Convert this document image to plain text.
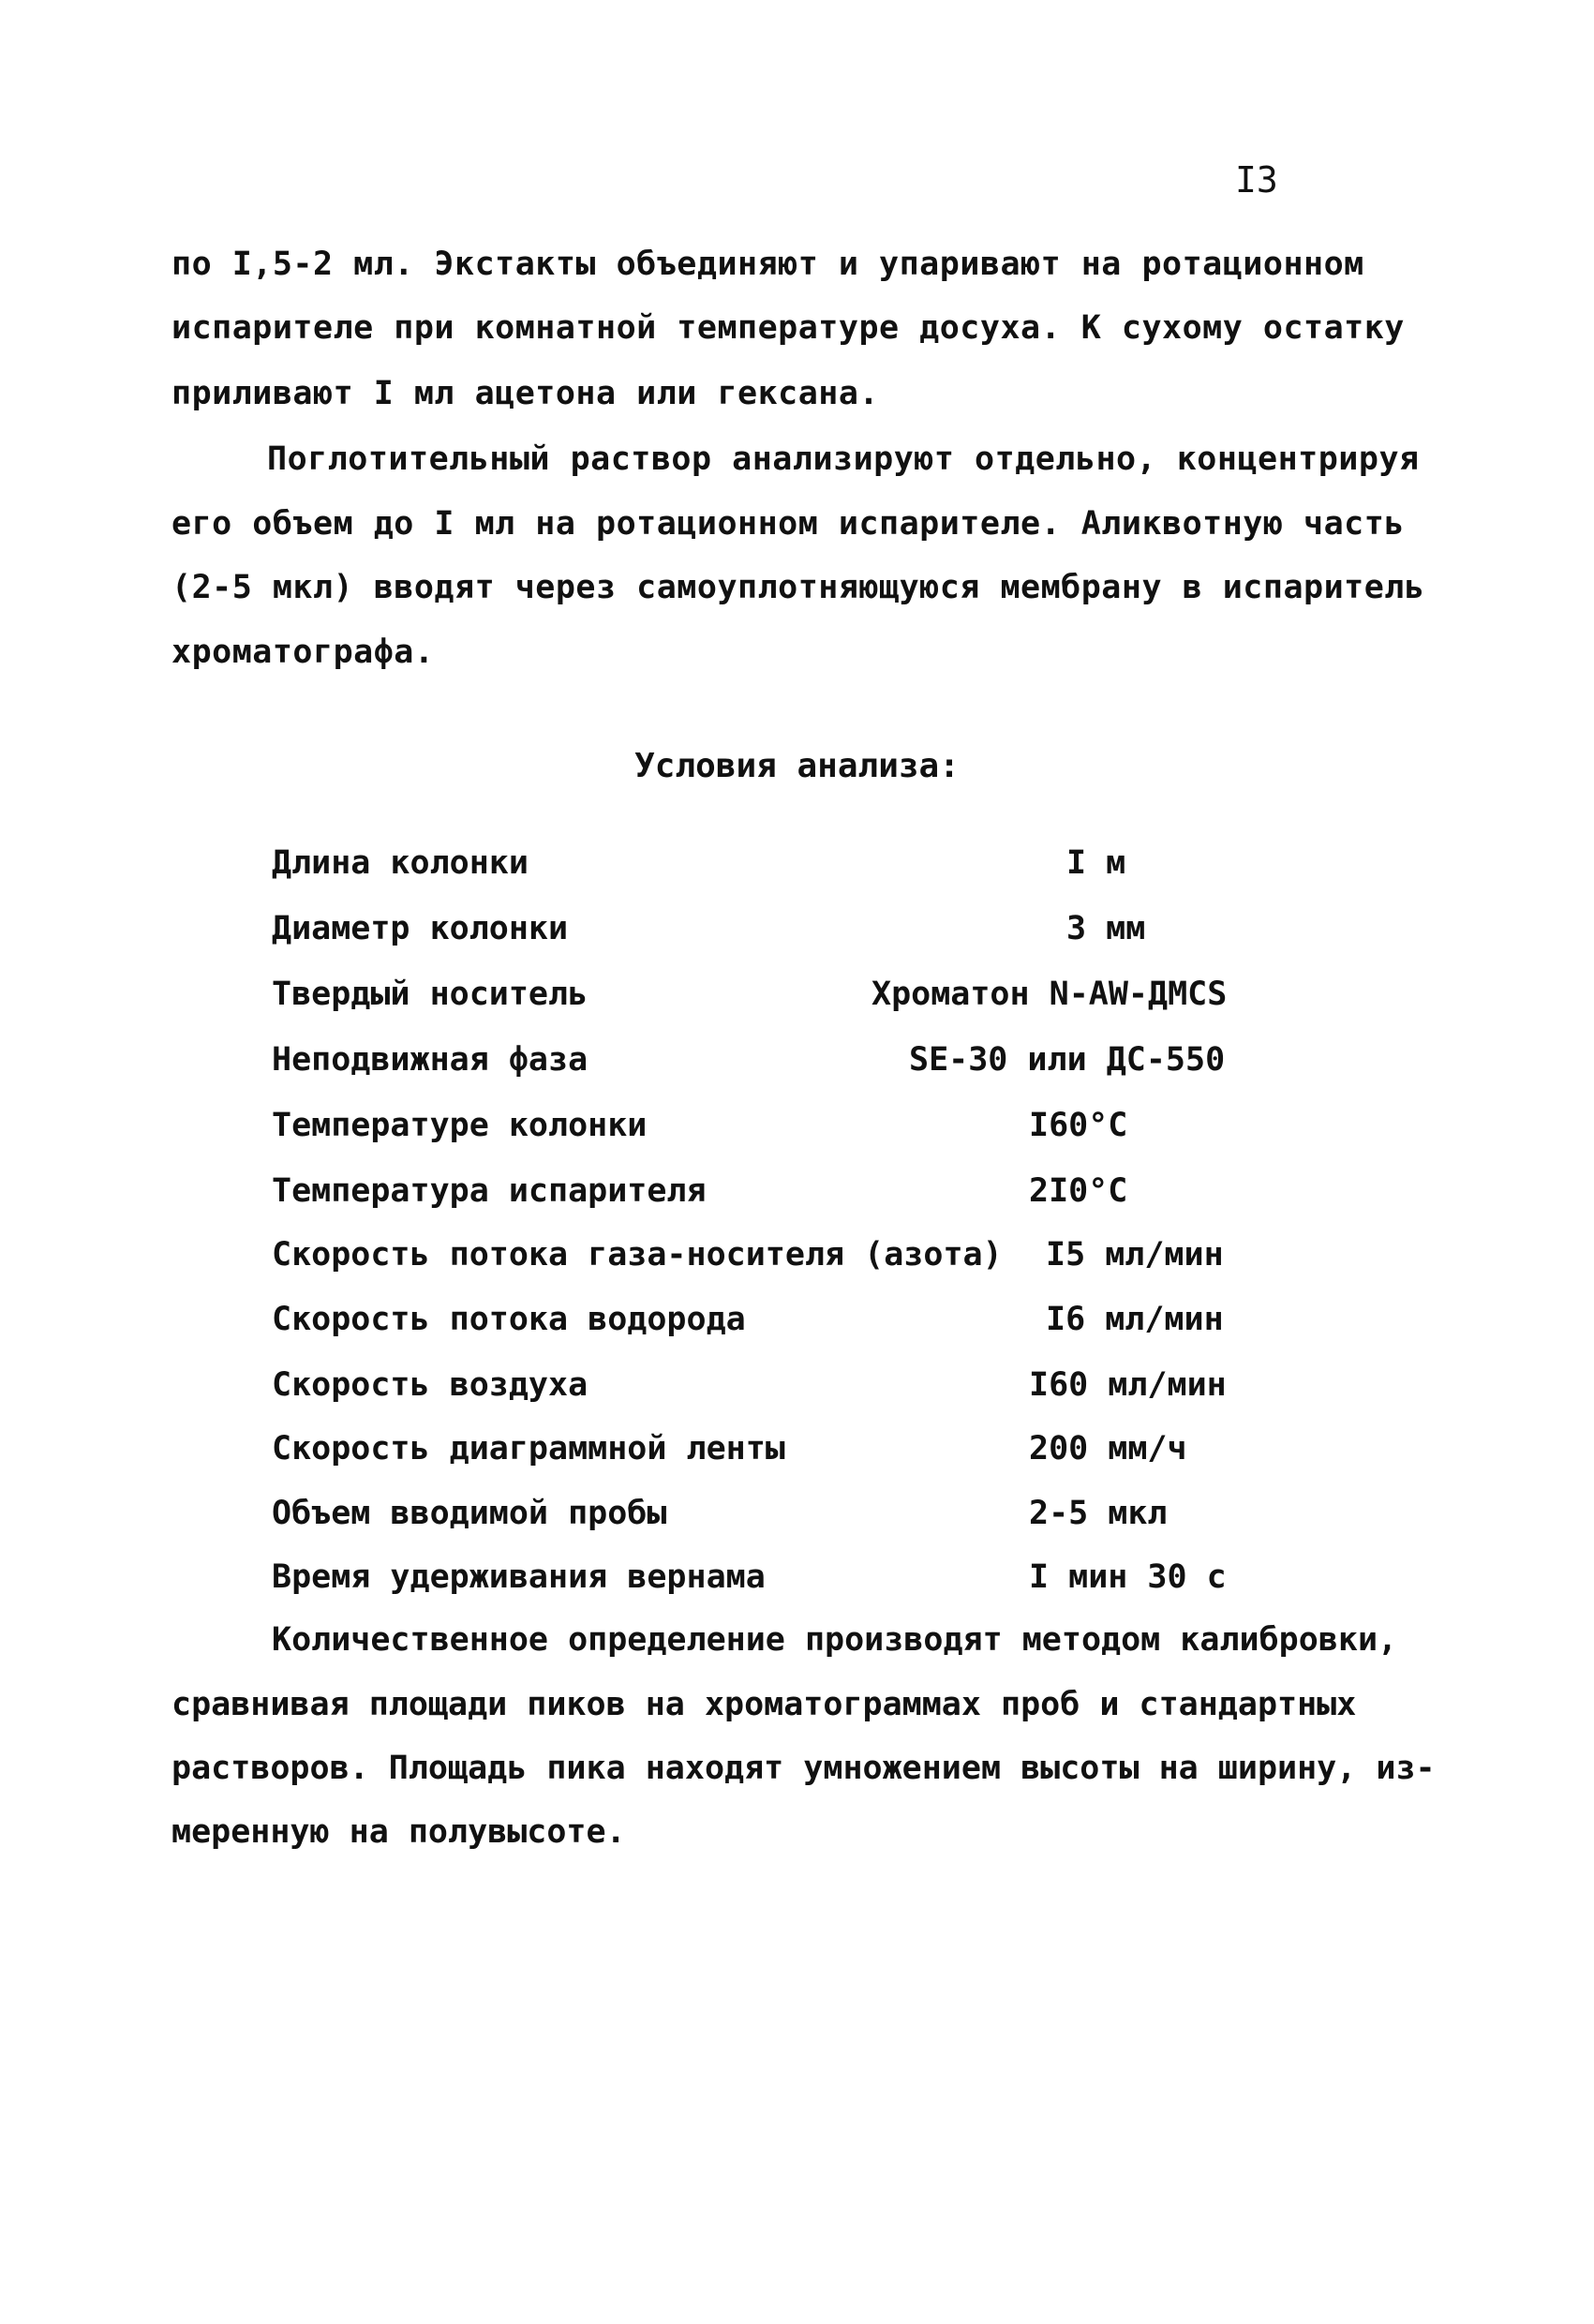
I3
по I,5-2 мл. Экстакты объединяют и упаривают на ротационном
испарителе при комнатной температуре досуха. К сухому остатку
приливают I мл ацетона или гексана.
Поглотительный раствор анализируют отдельно, концентрируя
его объем до I мл на ротационном испарителе. Аликвотную часть
(2-5 мкл) вводят через самоуплотняющуюся мембрану в испаритель
хроматографа.
Условия анализа:
Длина колонки	I м
Диаметр колонки	3 мм
Твердый носитель	Хроматон N-AW-ДМСS
Неподвижная фаза	SE-30 или ДС-550
Температуре колонки	I60°C
Температура испарителя	2I0°C
Скорость потока газа-носителя (азота) I5 мл/мин
Скорость потока водорода	I6 мл/мин
Скорость воздуха	I60 мл/мин
Скорость диаграммной ленты	200 мм/ч
Объем вводимой пробы	2-5 мкл
Время удерживания вернама	I мин 30 с
Количественное определение производят методом калибровки,
сравнивая площади пиков на хроматограммах проб и стандартных
растворов. Площадь пика находят умножением высоты на ширину, из-
меренную на полувысоте.
